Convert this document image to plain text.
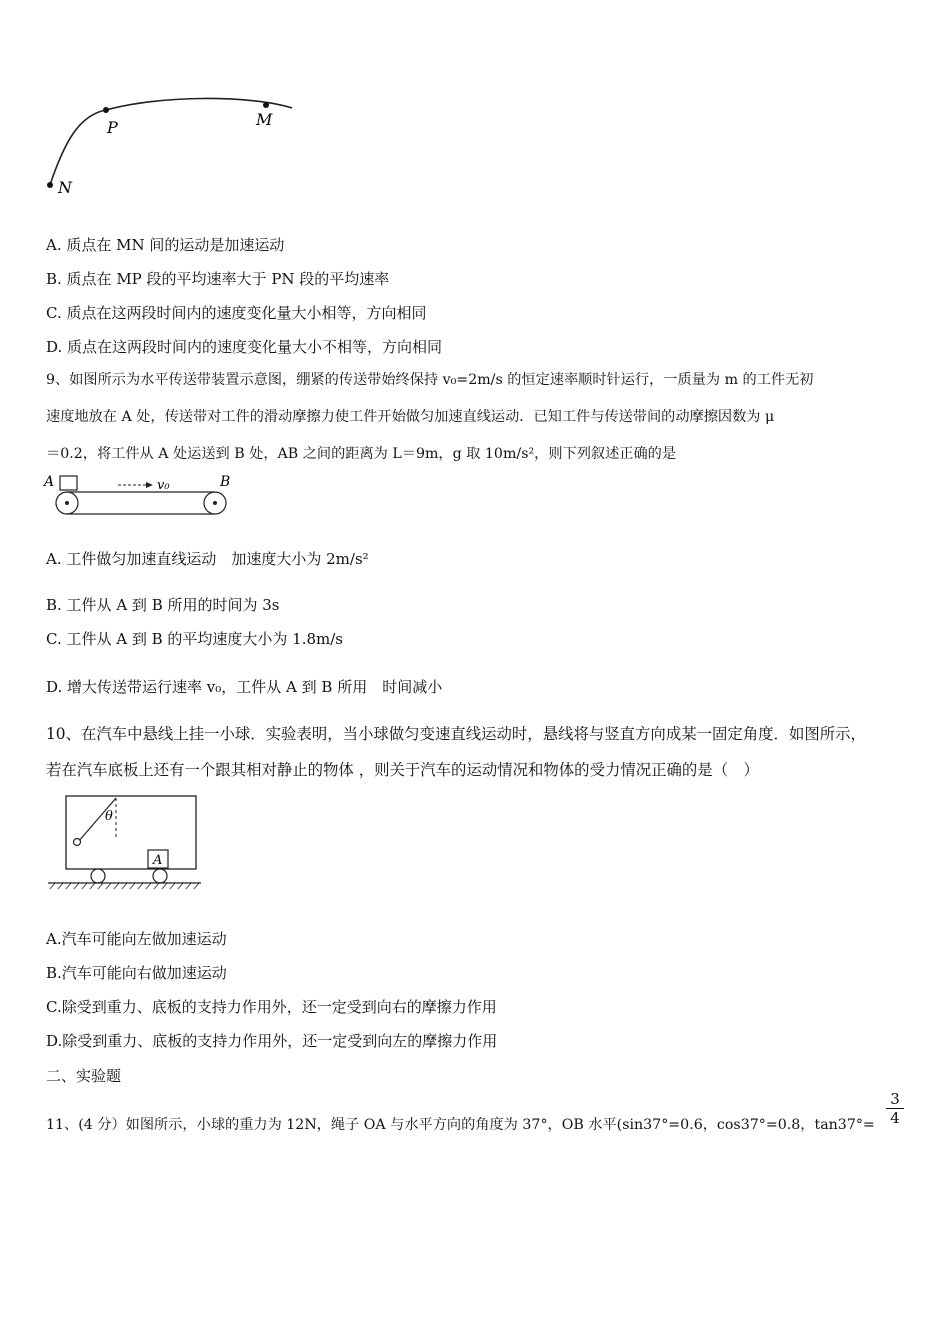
P	M
N
A. 质点在 MN 间的运动是加速运动
B. 质点在 MP 段的平均速率大于 PN 段的平均速率
C. 质点在这两段时间内的速度变化量大小相等，方向相同
D. 质点在这两段时间内的速度变化量大小不相等，方向相同
9、如图所示为水平传送带装置示意图，绷紧的传送带始终保持 v₀=2m/s 的恒定速率顺时针运行，一质量为 m 的工件无初
速度地放在 A 处，传送带对工件的滑动摩擦力使工件开始做匀加速直线运动．已知工件与传送带间的动摩擦因数为 μ
＝0.2，将工件从 A 处运送到 B 处，AB 之间的距离为 L＝9m，g 取 10m/s²，则下列叙述正确的是
A	v₀	B
A. 工件做匀加速直线运动　加速度大小为 2m/s²
B. 工件从 A 到 B 所用的时间为 3s
C. 工件从 A 到 B 的平均速度大小为 1.8m/s
D. 增大传送带运行速率 v₀，工件从 A 到 B 所用　时间减小
10、在汽车中悬线上挂一小球．实验表明，当小球做匀变速直线运动时，悬线将与竖直方向成某一固定角度．如图所示，
若在汽车底板上还有一个跟其相对静止的物体 ，则关于汽车的运动情况和物体的受力情况正确的是（　）
θ
A
A.汽车可能向左做加速运动
B.汽车可能向右做加速运动
C.除受到重力、底板的支持力作用外，还一定受到向右的摩擦力作用
D.除受到重力、底板的支持力作用外，还一定受到向左的摩擦力作用
二、实验题
11、(4 分）如图所示，小球的重力为 12N，绳子 OA 与水平方向的角度为 37°，OB 水平(sin37°=0.6，cos37°=0.8，$\tan 37^\circ= \frac{3}{4}$
